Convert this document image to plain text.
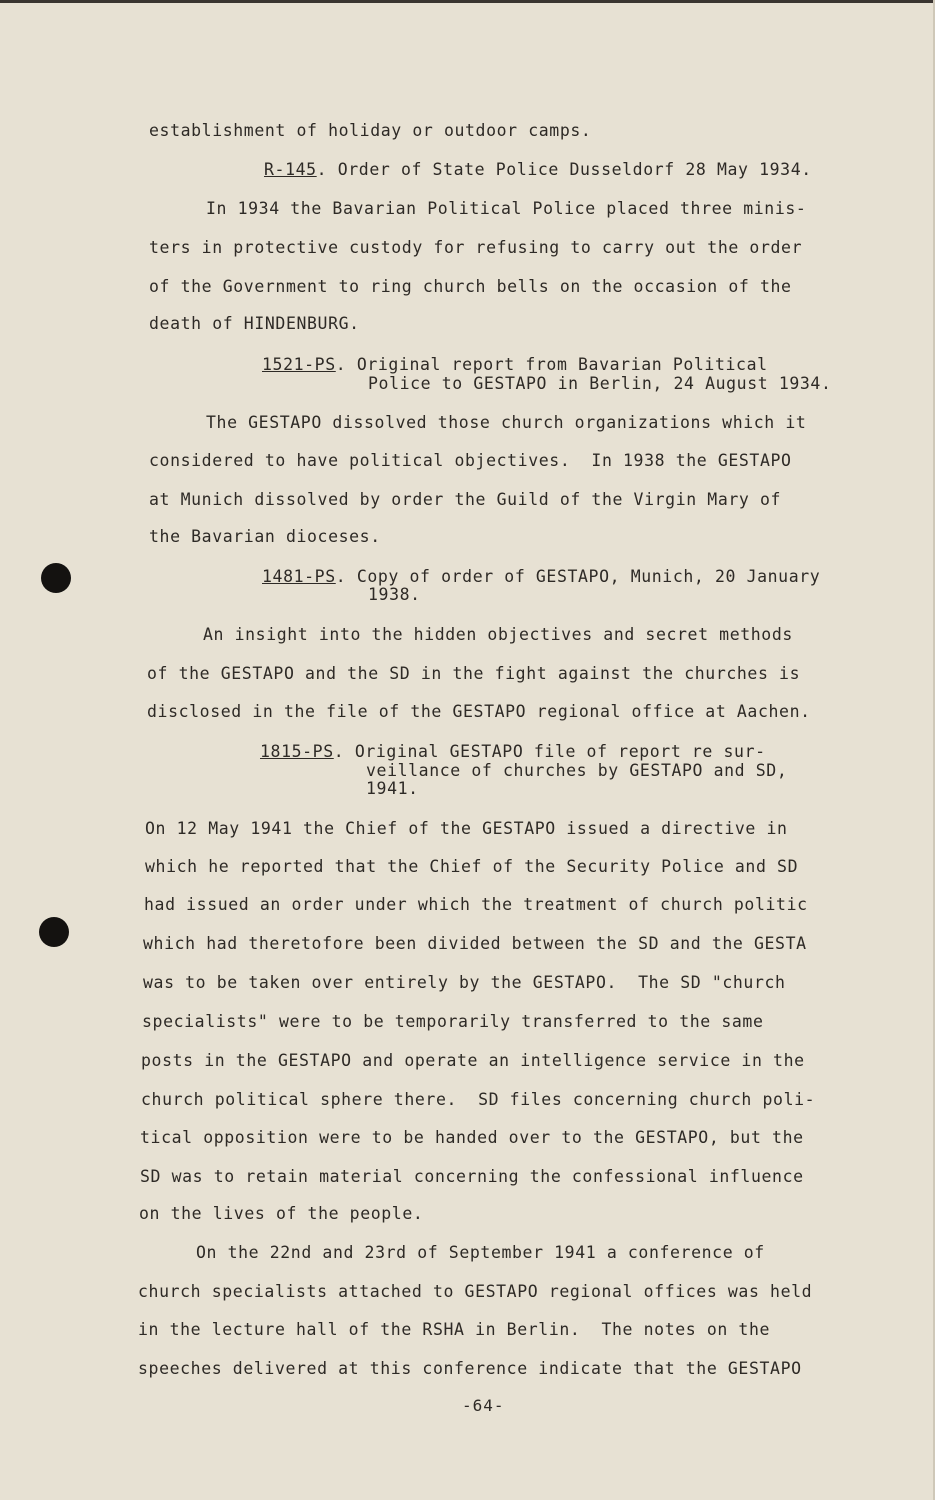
establishment of holiday or outdoor camps.
R-145. Order of State Police Dusseldorf 28 May 1934.
In 1934 the Bavarian Political Police placed three minis-
ters in protective custody for refusing to carry out the order
of the Government to ring church bells on the occasion of the
death of HINDENBURG.
1521-PS. Original report from Bavarian Political
Police to GESTAPO in Berlin, 24 August 1934.
The GESTAPO dissolved those church organizations which it
considered to have political objectives.  In 1938 the GESTAPO
at Munich dissolved by order the Guild of the Virgin Mary of
the Bavarian dioceses.
1481-PS. Copy of order of GESTAPO, Munich, 20 January
1938.
An insight into the hidden objectives and secret methods
of the GESTAPO and the SD in the fight against the churches is
disclosed in the file of the GESTAPO regional office at Aachen.
1815-PS. Original GESTAPO file of report re sur-
veillance of churches by GESTAPO and SD,
1941.
On 12 May 1941 the Chief of the GESTAPO issued a directive in
which he reported that the Chief of the Security Police and SD
had issued an order under which the treatment of church politic
which had theretofore been divided between the SD and the GESTA
was to be taken over entirely by the GESTAPO.  The SD "church
specialists" were to be temporarily transferred to the same
posts in the GESTAPO and operate an intelligence service in the
church political sphere there.  SD files concerning church poli-
tical opposition were to be handed over to the GESTAPO, but the
SD was to retain material concerning the confessional influence
on the lives of the people.
On the 22nd and 23rd of September 1941 a conference of
church specialists attached to GESTAPO regional offices was held
in the lecture hall of the RSHA in Berlin.  The notes on the
speeches delivered at this conference indicate that the GESTAPO
-64-
